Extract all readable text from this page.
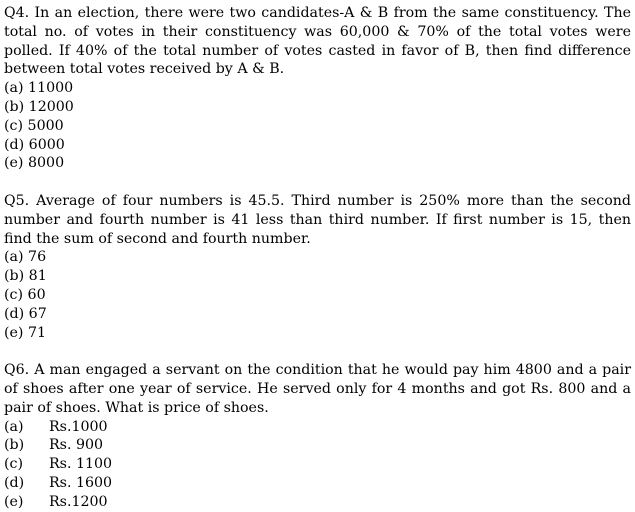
Q4. In an election, there were two candidates-A & B from the same constituency. The total no. of votes in their constituency was 60,000 & 70% of the total votes were polled. If 40% of the total number of votes casted in favor of B, then find difference between total votes received by A & B.

(a) 11000

(b) 12000

(c) 5000

(d) 6000

(e) 8000

Q5. Average of four numbers is 45.5. Third number is 250% more than the second number and fourth number is 41 less than third number. If first number is 15, then find the sum of second and fourth number.

(a) 76

(b) 81

(c) 60

(d) 67

(e) 71

Q6. A man engaged a servant on the condition that he would pay him 4800 and a pair of shoes after one year of service. He served only for 4 months and got Rs. 800 and a pair of shoes. What is price of shoes.

(a) Rs.1000

(b) Rs. 900

(c) Rs. 1100

(d) Rs. 1600

(e) Rs.1200
